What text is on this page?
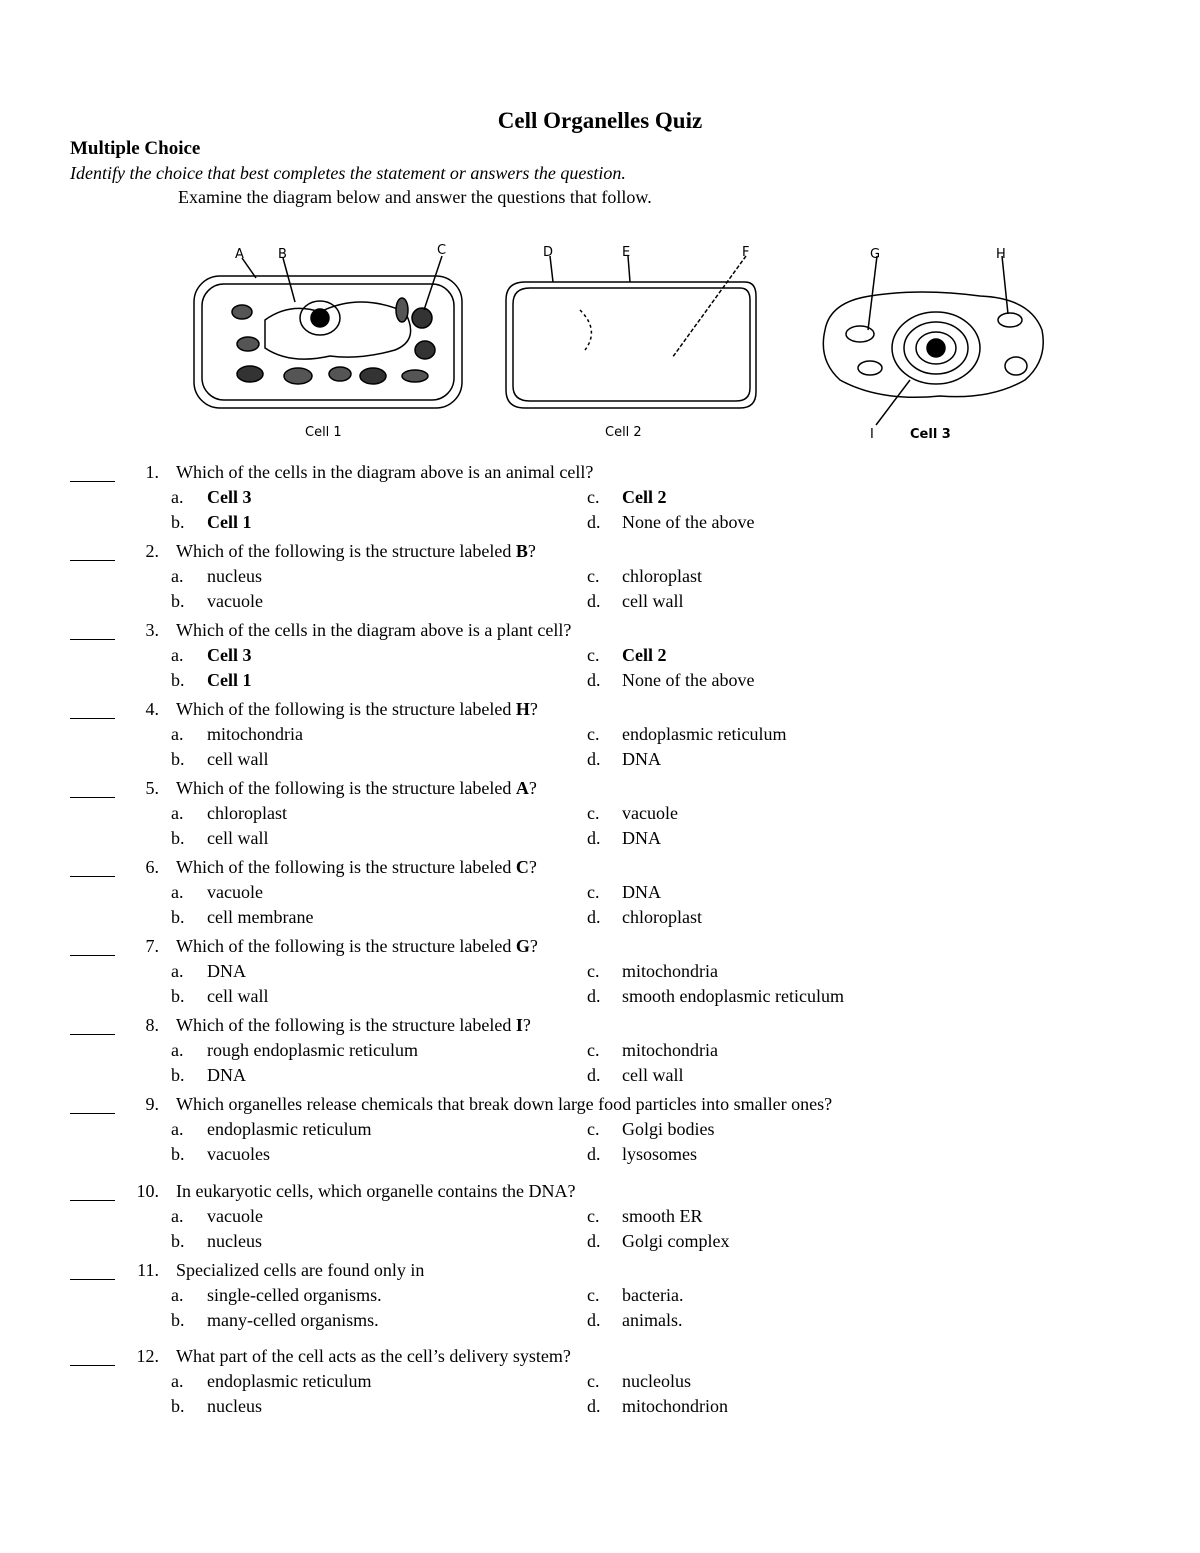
Cell Organelles Quiz
Multiple Choice
Identify the choice that best completes the statement or answers the question.
Examine the diagram below and answer the questions that follow.
A	B	C
Cell 1
D	E	F
Cell 2
G	H
I	Cell 3
1. Which of the cells in the diagram above is an animal cell?
a.	Cell 3
b.	Cell 1
c.	Cell 2
d.	None of the above
2. Which of the following is the structure labeled B?
a.	nucleus
b.	vacuole
c.	chloroplast
d.	cell wall
3. Which of the cells in the diagram above is a plant cell?
a.	Cell 3
b.	Cell 1
c.	Cell 2
d.	None of the above
4. Which of the following is the structure labeled H?
a.	mitochondria
b.	cell wall
c.	endoplasmic reticulum
d.	DNA
5. Which of the following is the structure labeled A?
a.	chloroplast
b.	cell wall
c.	vacuole
d.	DNA
6. Which of the following is the structure labeled C?
a.	vacuole
b.	cell membrane
c.	DNA
d.	chloroplast
7. Which of the following is the structure labeled G?
a.	DNA
b.	cell wall
c.	mitochondria
d.	smooth endoplasmic reticulum
8. Which of the following is the structure labeled I?
a.	rough endoplasmic reticulum
b.	DNA
c.	mitochondria
d.	cell wall
9. Which organelles release chemicals that break down large food particles into smaller ones?
a.	endoplasmic reticulum
b.	vacuoles
c.	Golgi bodies
d.	lysosomes
10. In eukaryotic cells, which organelle contains the DNA?
a.	vacuole
b.	nucleus
c.	smooth ER
d.	Golgi complex
11. Specialized cells are found only in
a.	single-celled organisms.
b.	many-celled organisms.
c.	bacteria.
d.	animals.
12. What part of the cell acts as the cell’s delivery system?
a.	endoplasmic reticulum
b.	nucleus
c.	nucleolus
d.	mitochondrion
